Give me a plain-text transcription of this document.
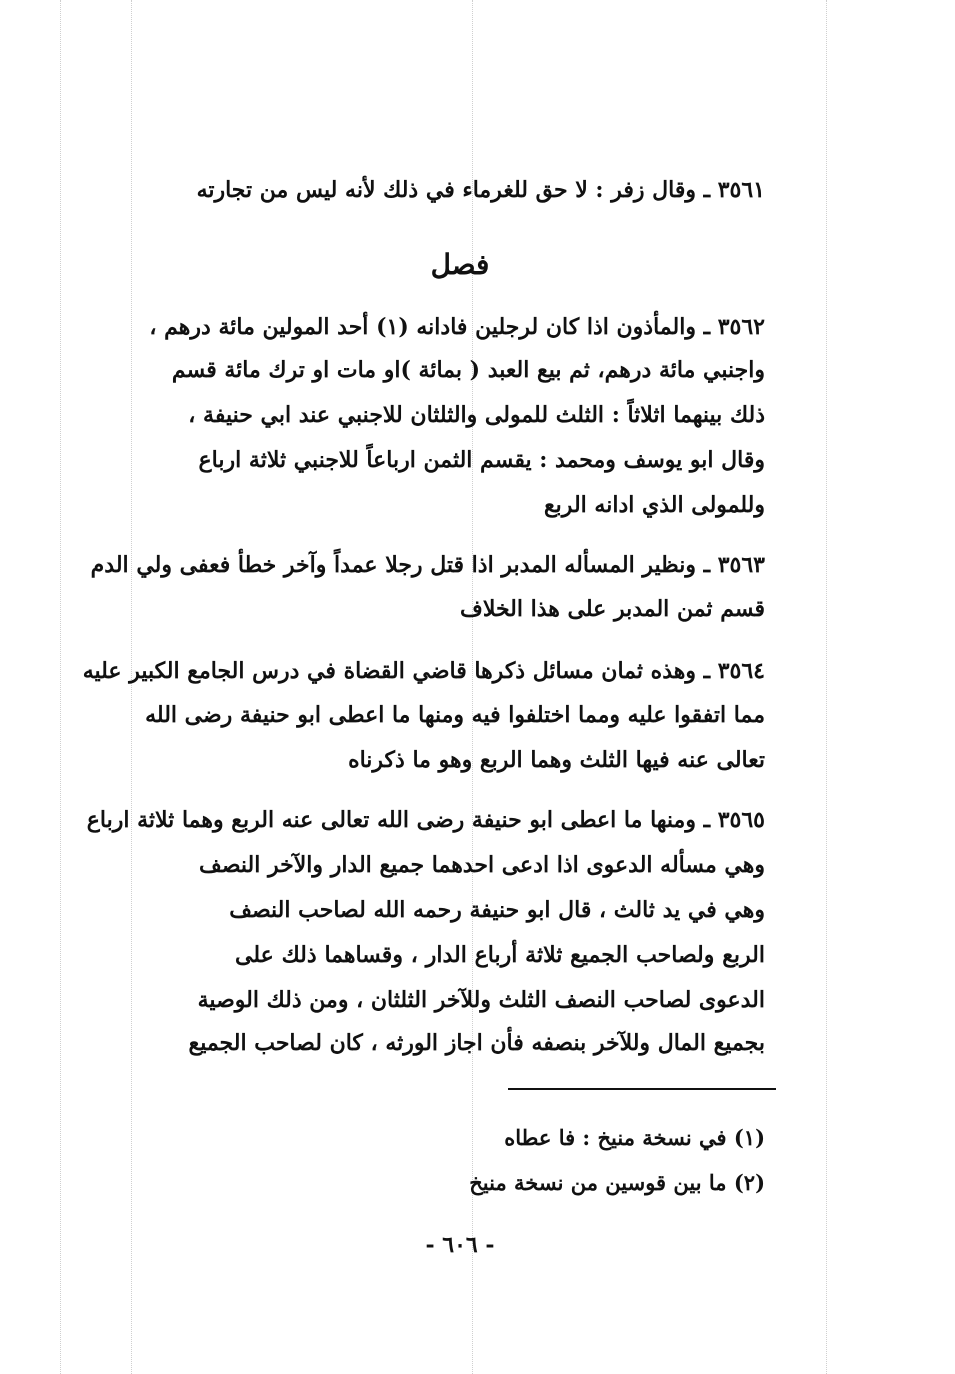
٣٥٦١ ـ وقال زفر : لا حق للغرماء في ذلك لأنه ليس من تجارته
فصل
٣٥٦٢ ـ والمأذون اذا كان لرجلين فادانه (١) أحد المولين مائة درهم ،
واجنبي مائة درهم، ثم بيع العبد ( بمائة )او مات او ترك مائة قسم
ذلك بينهما اثلاثاً : الثلث للمولى والثلثان للاجنبي عند ابي حنيفة ،
وقال ابو يوسف ومحمد : يقسم الثمن ارباعاً للاجنبي ثلاثة ارباع
وللمولى الذي ادانه الربع
٣٥٦٣ ـ ونظير المسأله المدبر اذا قتل رجلا عمداً وآخر خطأ فعفى ولي الدم
قسم ثمن المدبر على هذا الخلاف
٣٥٦٤ ـ وهذه ثمان مسائل ذكرها قاضي القضاة في درس الجامع الكبير عليه
مما اتفقوا عليه ومما اختلفوا فيه ومنها ما اعطى ابو حنيفة رضى الله
تعالى عنه فيها الثلث وهما الربع وهو ما ذكرناه
٣٥٦٥ ـ ومنها ما اعطى ابو حنيفة رضى الله تعالى عنه الربع وهما ثلاثة ارباع
وهي مسأله الدعوى اذا ادعى احدهما جميع الدار والآخر النصف
وهي في يد ثالث ، قال ابو حنيفة رحمه الله لصاحب النصف
الربع ولصاحب الجميع ثلاثة أرباع الدار ، وقساهما ذلك على
الدعوى لصاحب النصف الثلث وللآخر الثلثان ، ومن ذلك الوصية
بجميع المال وللآخر بنصفه فأن اجاز الورثه ، كان لصاحب الجميع
(١) في نسخة منيخ : فا عطاه
(٢) ما بين قوسين من نسخة منيخ
- ٦٠٦ -
